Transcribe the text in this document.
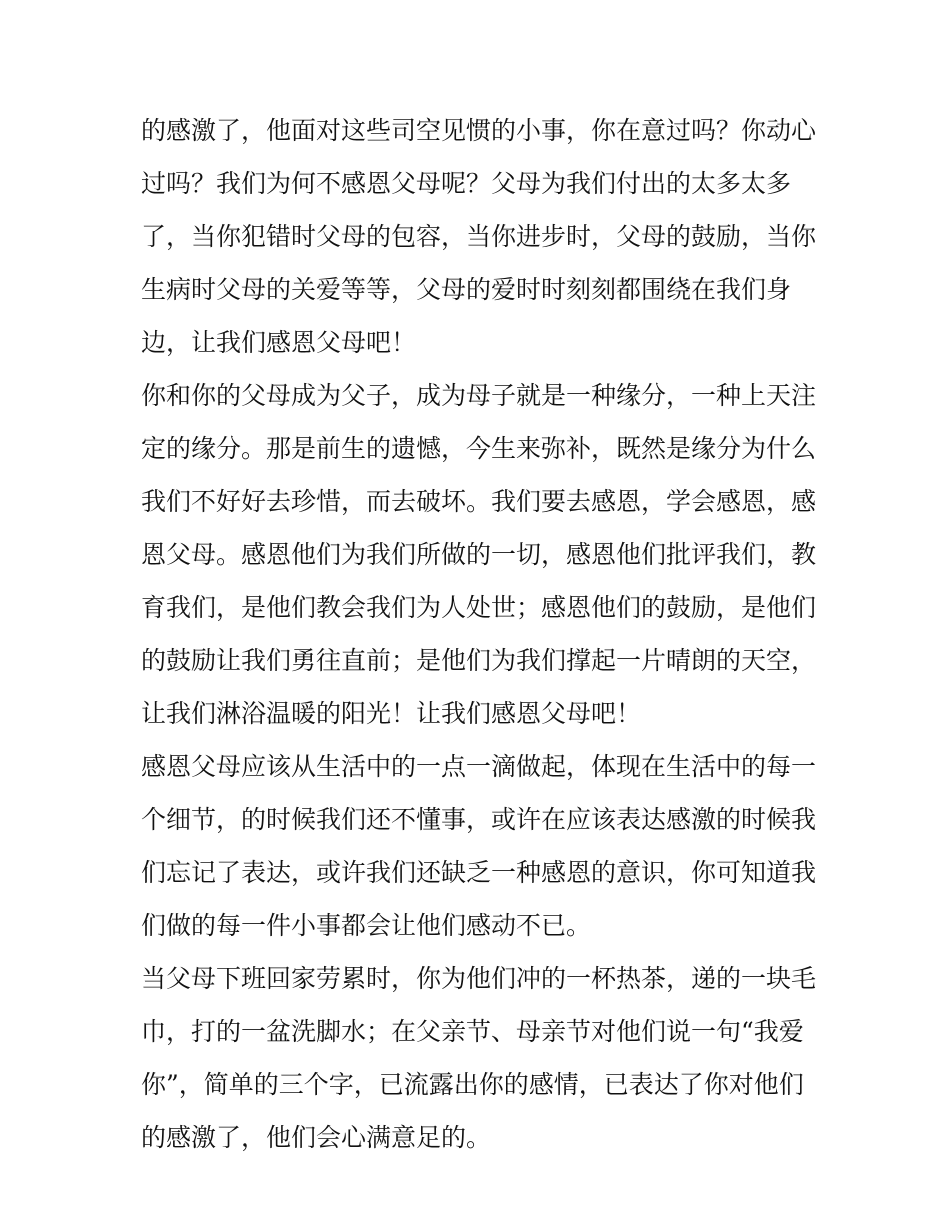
的感激了，他面对这些司空见惯的小事，你在意过吗？你动心
过吗？我们为何不感恩父母呢？父母为我们付出的太多太多
了，当你犯错时父母的包容，当你进步时，父母的鼓励，当你
生病时父母的关爱等等，父母的爱时时刻刻都围绕在我们身
边，让我们感恩父母吧！
你和你的父母成为父子，成为母子就是一种缘分，一种上天注
定的缘分。那是前生的遗憾，今生来弥补，既然是缘分为什么
我们不好好去珍惜，而去破坏。我们要去感恩，学会感恩，感
恩父母。感恩他们为我们所做的一切，感恩他们批评我们，教
育我们，是他们教会我们为人处世；感恩他们的鼓励，是他们
的鼓励让我们勇往直前；是他们为我们撑起一片晴朗的天空，
让我们淋浴温暖的阳光！让我们感恩父母吧！
感恩父母应该从生活中的一点一滴做起，体现在生活中的每一
个细节，的时候我们还不懂事，或许在应该表达感激的时候我
们忘记了表达，或许我们还缺乏一种感恩的意识，你可知道我
们做的每一件小事都会让他们感动不已。
当父母下班回家劳累时，你为他们冲的一杯热茶，递的一块毛
巾，打的一盆洗脚水；在父亲节、母亲节对他们说一句“我爱
你”，简单的三个字，已流露出你的感情，已表达了你对他们
的感激了，他们会心满意足的。
